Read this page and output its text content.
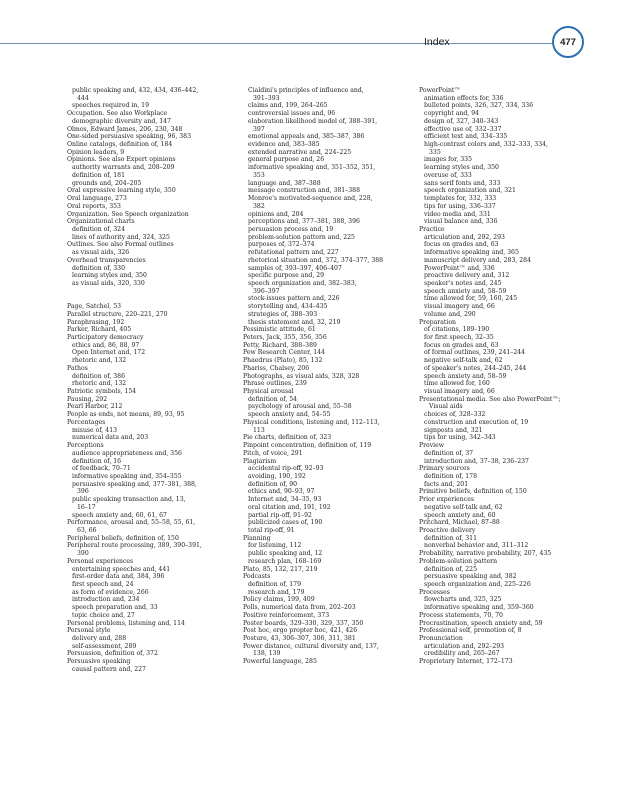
Index	477
public speaking and, 432, 434, 436–442,
444
speeches required in, 19
Occupation. See also Workplace
demographic diversity and, 147
Olmos, Edward James, 206, 230, 348
One-sided persuasive speaking, 96, 383
Online catalogs, definition of, 184
Opinion leaders, 9
Opinions. See also Expert opinions
authority warrants and, 208–209
definition of, 181
grounds and, 204–205
Oral expressive learning style, 350
Oral language, 273
Oral reports, 353
Organization. See Speech organization
Organizational charts
definition of, 324
lines of authority and, 324, 325
Outlines. See also Formal outlines
as visual aids, 326
Overhead transparencies
definition of, 330
learning styles and, 350
as visual aids, 320, 330
Page, Satchel, 53
Parallel structure, 220–221, 270
Paraphrasing, 192
Parker, Richard, 405
Participatory democracy
ethics and, 86, 88, 97
Open Internet and, 172
rhetoric and, 132
Pathos
definition of, 386
rhetoric and, 132
Patriotic symbols, 154
Pausing, 292
Pearl Harbor, 212
People as ends, not means, 89, 93, 95
Percentages
misuse of, 413
numerical data and, 203
Perceptions
audience appropriateness and, 356
definition of, 16
of feedback, 70–71
informative speaking and, 354–355
persuasive speaking and, 377–381, 388,
396
public speaking transaction and, 13,
16–17
speech anxiety and, 60, 61, 67
Performance, arousal and, 55–58, 55, 61,
63, 66
Peripheral beliefs, definition of, 150
Peripheral route processing, 389, 390–391,
390
Personal experiences
entertaining speeches and, 441
first-order data and, 384, 396
first speech and, 24
as form of evidence, 266
introduction and, 234
speech preparation and, 33
topic choice and, 27
Personal problems, listening and, 114
Personal style
delivery and, 288
self-assessment, 289
Persuasion, definition of, 372
Persuasive speaking
causal pattern and, 227
Cialdini's principles of influence and,
391–393
claims and, 199, 264–265
controversial issues and, 96
elaboration likelihood model of, 388–391,
397
emotional appeals and, 385–387, 386
evidence and, 383–385
extended narrative and, 224–225
general purpose and, 26
informative speaking and, 351–352, 351,
353
language and, 387–388
message construction and, 381–388
Monroe's motivated-sequence and, 228,
382
opinions and, 204
perceptions and, 377–381, 388, 396
persuasion process and, 19
problem-solution pattern and, 225
purposes of, 372–374
refutational pattern and, 227
rhetorical situation and, 372, 374–377, 388
samples of, 393–397, 406–407
specific purpose and, 29
speech organization and, 382–383,
396–397
stock-issues pattern and, 226
storytelling and, 434–435
strategies of, 388–393
thesis statement and, 32, 219
Pessimistic attitude, 61
Peters, Jack, 355, 356, 356
Petty, Richard, 388–389
Pew Research Center, 144
Phaedrus (Plato), 85, 132
Phariss, Chalsey, 206
Photographs, as visual aids, 328, 328
Phrase outlines, 239
Physical arousal
definition of, 54
psychology of arousal and, 55–58
speech anxiety and, 54–55
Physical conditions, listening and, 112–113,
113
Pie charts, definition of, 323
Pinpoint concentration, definition of, 119
Pitch, of voice, 291
Plagiarism
accidental rip-off, 92–93
avoiding, 190, 192
definition of, 90
ethics and, 90–93, 97
Internet and, 34–35, 93
oral citation and, 191, 192
partial rip-off, 91–92
publicized cases of, 190
total rip-off, 91
Planning
for listening, 112
public speaking and, 12
research plan, 168–169
Plato, 85, 132, 217, 219
Podcasts
definition of, 179
research and, 179
Policy claims, 199, 409
Polls, numerical data from, 202–203
Positive reinforcement, 373
Poster boards, 329–330, 329, 337, 350
Post hoc, ergo propter hoc, 421, 426
Posture, 43, 306–307, 306, 311, 381
Power distance, cultural diversity and, 137,
138, 139
Powerful language, 285
PowerPoint™
animation effects for, 336
bulleted points, 326, 327, 334, 336
copyright and, 94
design of, 327, 340–343
effective use of, 332–337
efficient text and, 334–335
high-contrast colors and, 332–333, 334,
335
images for, 335
learning styles and, 350
overuse of, 333
sans serif fonts and, 333
speech organization and, 321
templates for, 332, 333
tips for using, 336–337
video media and, 331
visual balance and, 336
Practice
articulation and, 292, 293
focus on grades and, 63
informative speaking and, 365
manuscript delivery and, 283, 284
PowerPoint™ and, 336
proactive delivery and, 312
speaker's notes and, 245
speech anxiety and, 58–59
time allowed for, 59, 160, 245
visual imagery and, 66
volume and, 290
Preparation
of citations, 189–190
for first speech, 32–35
focus on grades and, 63
of formal outlines, 239, 241–244
negative self-talk and, 62
of speaker's notes, 244–245, 244
speech anxiety and, 58–59
time allowed for, 160
visual imagery and, 66
Presentational media. See also PowerPoint™;
Visual aids
choices of, 328–332
construction and execution of, 19
signposts and, 321
tips for using, 342–343
Preview
definition of, 37
introduction and, 37–38, 236–237
Primary sources
definition of, 178
facts and, 201
Primitive beliefs, definition of, 150
Prior experiences
negative self-talk and, 62
speech anxiety and, 60
Pritchard, Michael, 87–88
Proactive delivery
definition of, 311
nonverbal behavior and, 311–312
Probability, narrative probability, 207, 435
Problem-solution pattern
definition of, 225
persuasive speaking and, 382
speech organization and, 225–226
Processes
flowcharts and, 325, 325
informative speaking and, 359–360
Process statements, 70, 70
Procrastination, speech anxiety and, 59
Professional self, promotion of, 8
Pronunciation
articulation and, 292–293
credibility and, 265–267
Proprietary Internet, 172–173
